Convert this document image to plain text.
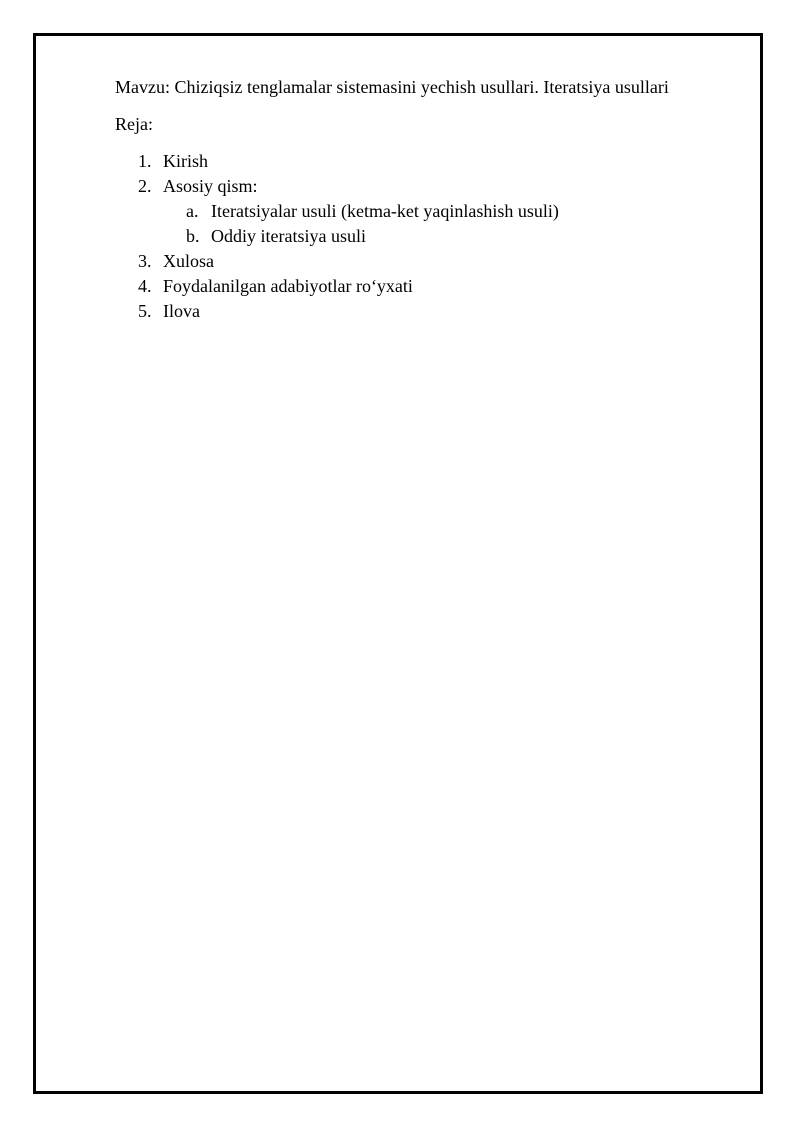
Mavzu: Chiziqsiz tenglamalar sistemasini yechish usullari. Iteratsiya usullari

Reja:

1. Kirish
2. Asosiy qism:
a. Iteratsiyalar usuli (ketma-ket yaqinlashish usuli)
b. Oddiy iteratsiya usuli
3. Xulosa
4. Foydalanilgan adabiyotlar ro‘yxati
5. Ilova
